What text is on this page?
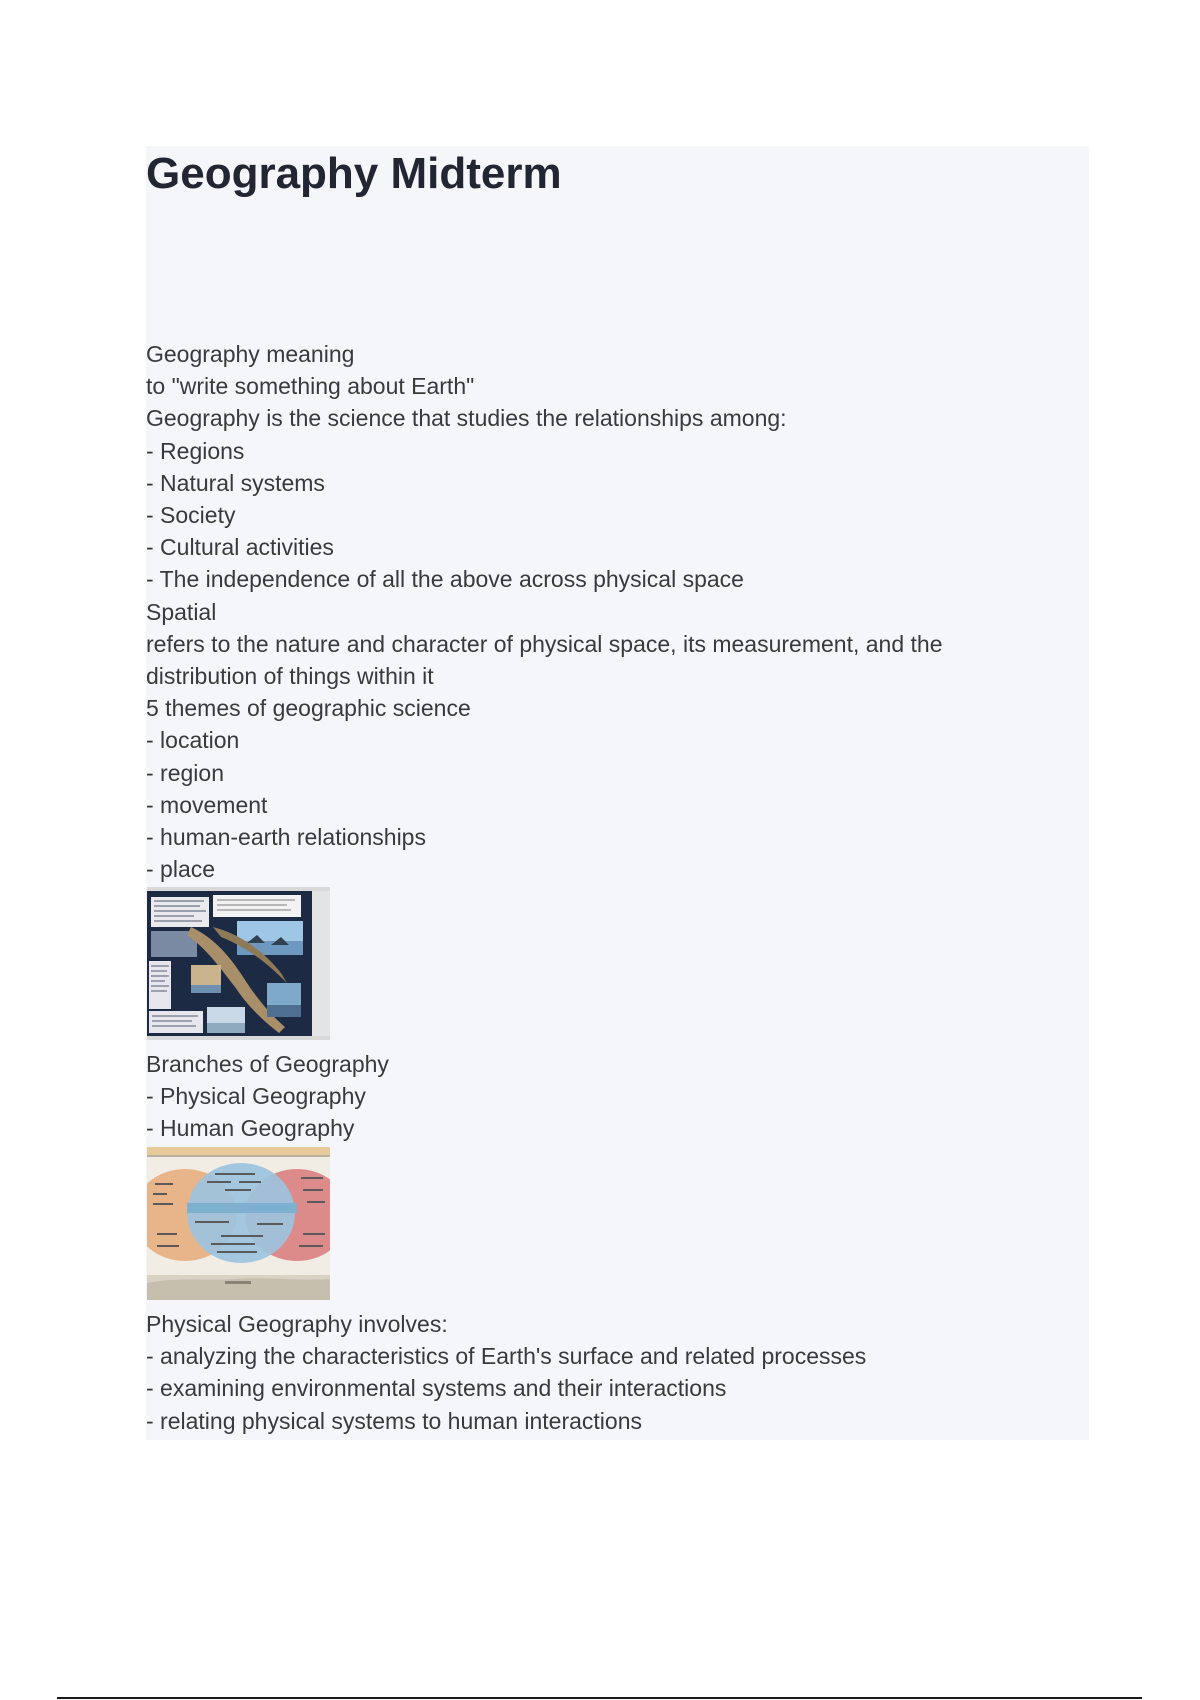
Geography Midterm
Geography meaning
to "write something about Earth"
Geography is the science that studies the relationships among:
- Regions
- Natural systems
- Society
- Cultural activities
- The independence of all the above across physical space
Spatial
refers to the nature and character of physical space, its measurement, and the
distribution of things within it
5 themes of geographic science
- location
- region
- movement
- human-earth relationships
- place
Branches of Geography
- Physical Geography
- Human Geography
Physical Geography involves:
- analyzing the characteristics of Earth's surface and related processes
- examining environmental systems and their interactions
- relating physical systems to human interactions
